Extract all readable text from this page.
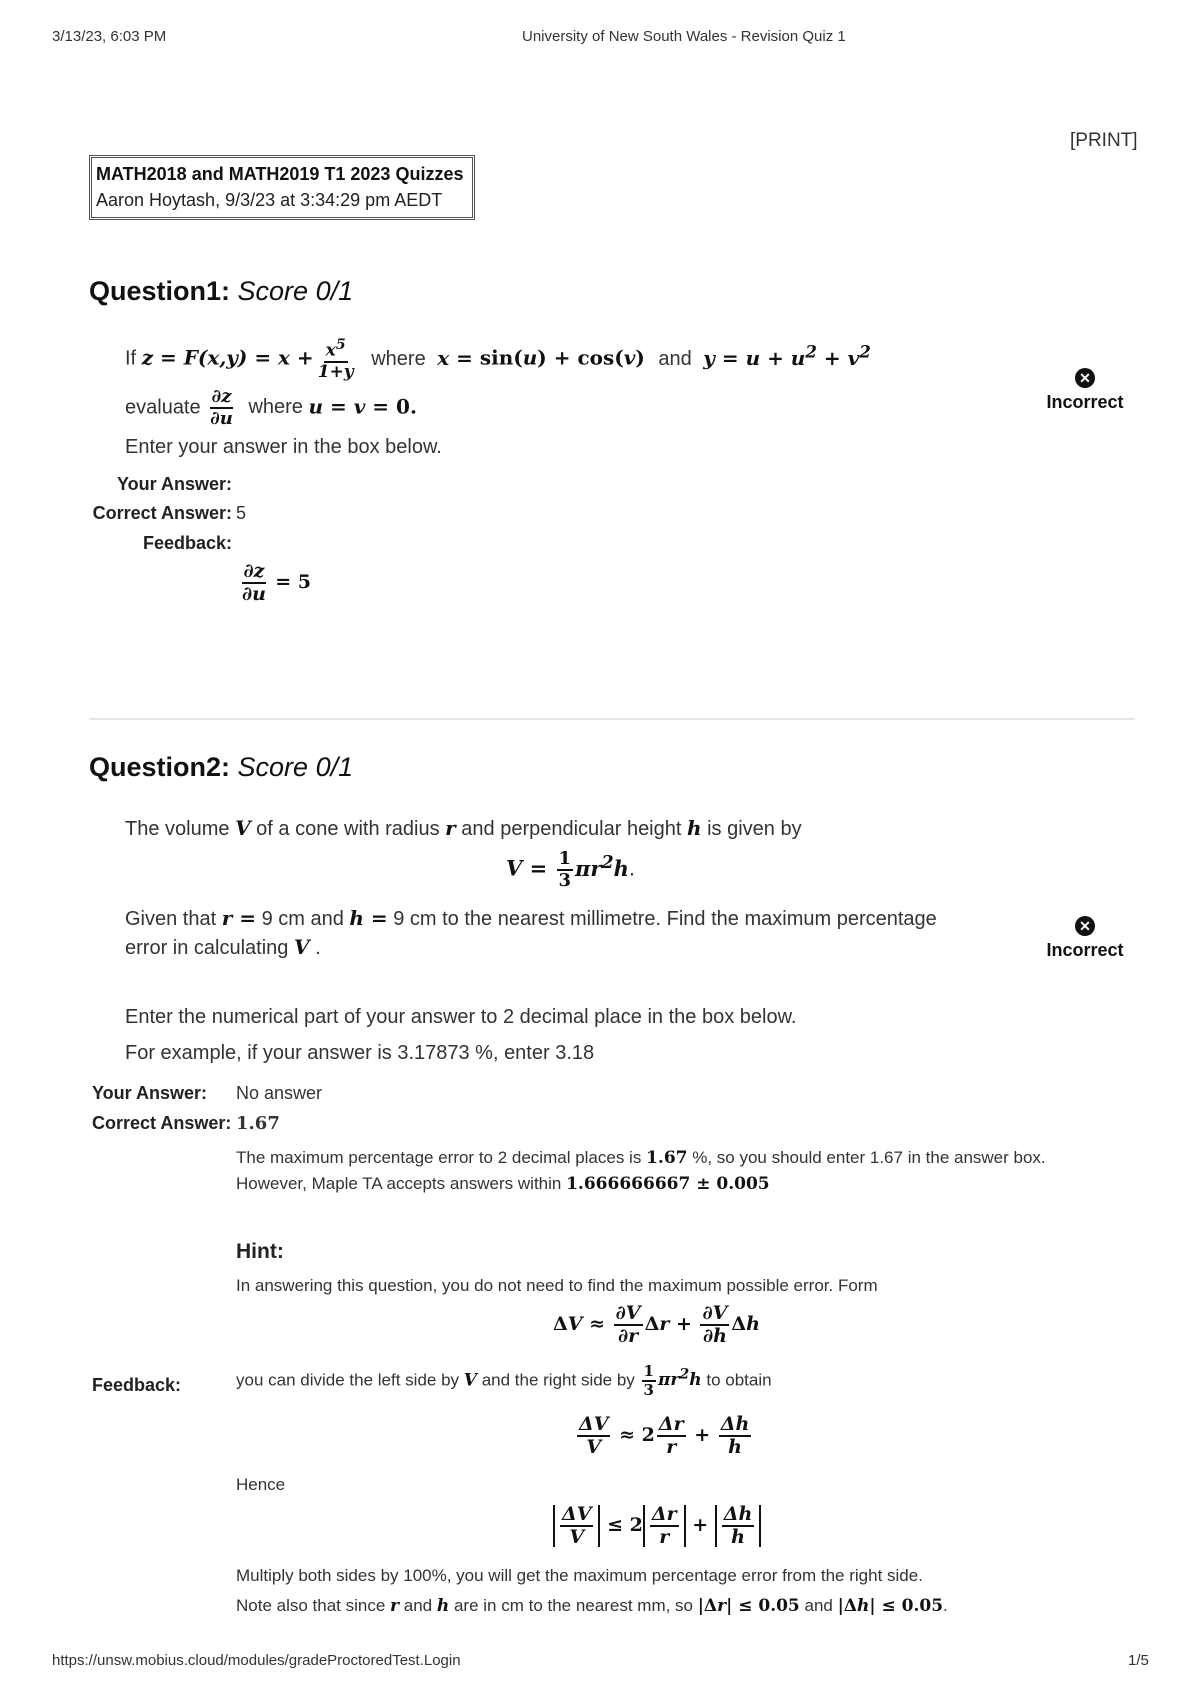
3/13/23, 6:03 PM	University of New South Wales - Revision Quiz 1
https://unsw.mobius.cloud/modules/gradeProctoredTest.Login	1/5
[PRINT]
MATH2018 and MATH2019 T1 2023 Quizzes
Aaron Hoytash, 9/3/23 at 3:34:29 pm AEDT
Question1: Score 0/1
If $z = F(x,y) = x + \frac{x^5}{1+y}$ where x = sin(u) + cos(v) and $y = u + u^2 + v^2$
evaluate $\frac{\partial z}{\partial u}$ where u = v = 0.
Enter your answer in the box below.
✕
Incorrect
Your Answer:
Correct Answer: 5
Feedback:
$\frac{\partial z}{\partial u} = 5$
Question2: Score 0/1
The volume V of a cone with radius r and perpendicular height h is given by
$V = \frac{1}{3} \pi r^2h$.
Given that r = 9 cm and h = 9 cm to the nearest millimetre. Find the maximum percentage
error in calculating V .
✕
Incorrect
Enter the numerical part of your answer to 2 decimal place in the box below.
For example, if your answer is 3.17873 %, enter 3.18
Your Answer:	No answer
Correct Answer: 1.67
The maximum percentage error to 2 decimal places is 1.67 %, so you should enter 1.67 in the answer box.
However, Maple TA accepts answers within 1.666666667 ± 0.005
Hint:
In answering this question, you do not need to find the maximum possible error. Form
$\Delta V \approx \frac{\partial V}{\partial r}$ $\Delta r + \frac{\partial V}{\partial h}$ Δh
Feedback:	you can divide the left side by V and the right side by $\frac{1}{3} \pi r^2h$ to obtain
$\frac{\Delta V}{V} \approx 2 \frac{\Delta r}{r} + \frac{\Delta h}{h}$
Hence
$\frac{\Delta V}{V} \le 2 \frac{\Delta r}{r} + \frac{\Delta h}{h}$
Multiply both sides by 100%, you will get the maximum percentage error from the right side.
Note also that since r and h are in cm to the nearest mm, so |Δr| ≤ 0.05 and |Δh| ≤ 0.05.
